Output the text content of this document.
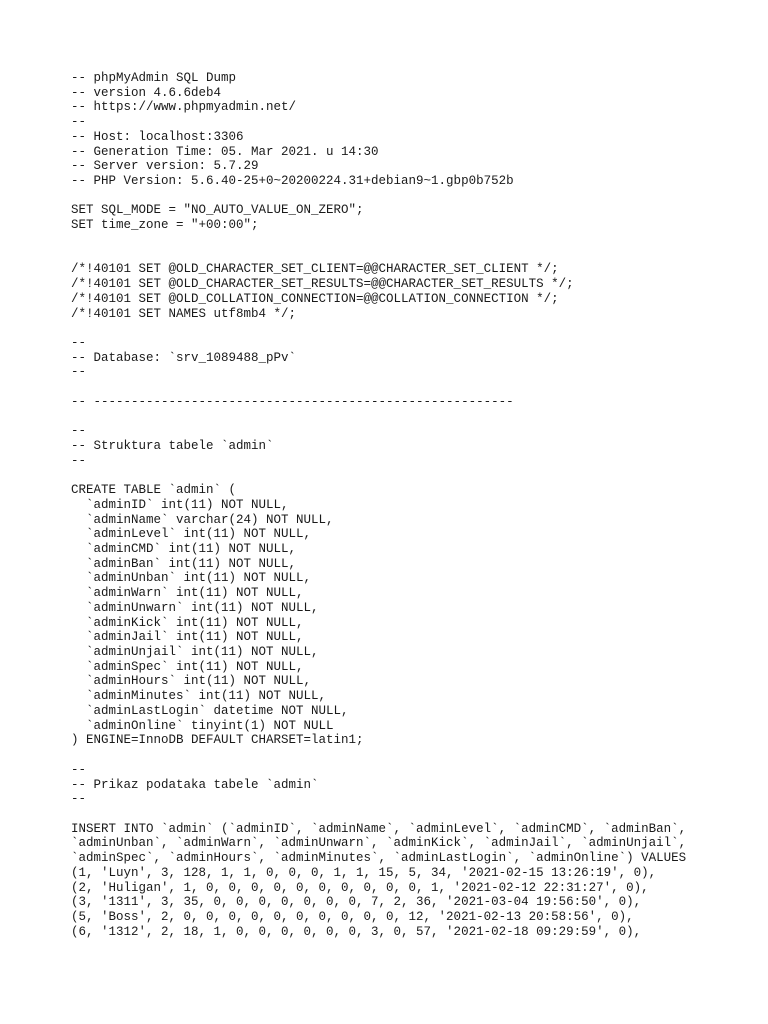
-- phpMyAdmin SQL Dump
-- version 4.6.6deb4
-- https://www.phpmyadmin.net/
--
-- Host: localhost:3306
-- Generation Time: 05. Mar 2021. u 14:30
-- Server version: 5.7.29
-- PHP Version: 5.6.40-25+0~20200224.31+debian9~1.gbp0b752b
SET SQL_MODE = "NO_AUTO_VALUE_ON_ZERO";
SET time_zone = "+00:00";
/*!40101 SET @OLD_CHARACTER_SET_CLIENT=@@CHARACTER_SET_CLIENT */;
/*!40101 SET @OLD_CHARACTER_SET_RESULTS=@@CHARACTER_SET_RESULTS */;
/*!40101 SET @OLD_COLLATION_CONNECTION=@@COLLATION_CONNECTION */;
/*!40101 SET NAMES utf8mb4 */;
--
-- Database: `srv_1089488_pPv`
--
-- --------------------------------------------------------
--
-- Struktura tabele `admin`
--
CREATE TABLE `admin` (
`adminID` int(11) NOT NULL,
`adminName` varchar(24) NOT NULL,
`adminLevel` int(11) NOT NULL,
`adminCMD` int(11) NOT NULL,
`adminBan` int(11) NOT NULL,
`adminUnban` int(11) NOT NULL,
`adminWarn` int(11) NOT NULL,
`adminUnwarn` int(11) NOT NULL,
`adminKick` int(11) NOT NULL,
`adminJail` int(11) NOT NULL,
`adminUnjail` int(11) NOT NULL,
`adminSpec` int(11) NOT NULL,
`adminHours` int(11) NOT NULL,
`adminMinutes` int(11) NOT NULL,
`adminLastLogin` datetime NOT NULL,
`adminOnline` tinyint(1) NOT NULL
) ENGINE=InnoDB DEFAULT CHARSET=latin1;
--
-- Prikaz podataka tabele `admin`
--
INSERT INTO `admin` (`adminID`, `adminName`, `adminLevel`, `adminCMD`, `adminBan`,
`adminUnban`, `adminWarn`, `adminUnwarn`, `adminKick`, `adminJail`, `adminUnjail`,
`adminSpec`, `adminHours`, `adminMinutes`, `adminLastLogin`, `adminOnline`) VALUES
(1, 'Luyn', 3, 128, 1, 1, 0, 0, 0, 1, 1, 15, 5, 34, '2021-02-15 13:26:19', 0),
(2, 'Huligan', 1, 0, 0, 0, 0, 0, 0, 0, 0, 0, 0, 1, '2021-02-12 22:31:27', 0),
(3, '1311', 3, 35, 0, 0, 0, 0, 0, 0, 0, 7, 2, 36, '2021-03-04 19:56:50', 0),
(5, 'Boss', 2, 0, 0, 0, 0, 0, 0, 0, 0, 0, 0, 12, '2021-02-13 20:58:56', 0),
(6, '1312', 2, 18, 1, 0, 0, 0, 0, 0, 0, 3, 0, 57, '2021-02-18 09:29:59', 0),
